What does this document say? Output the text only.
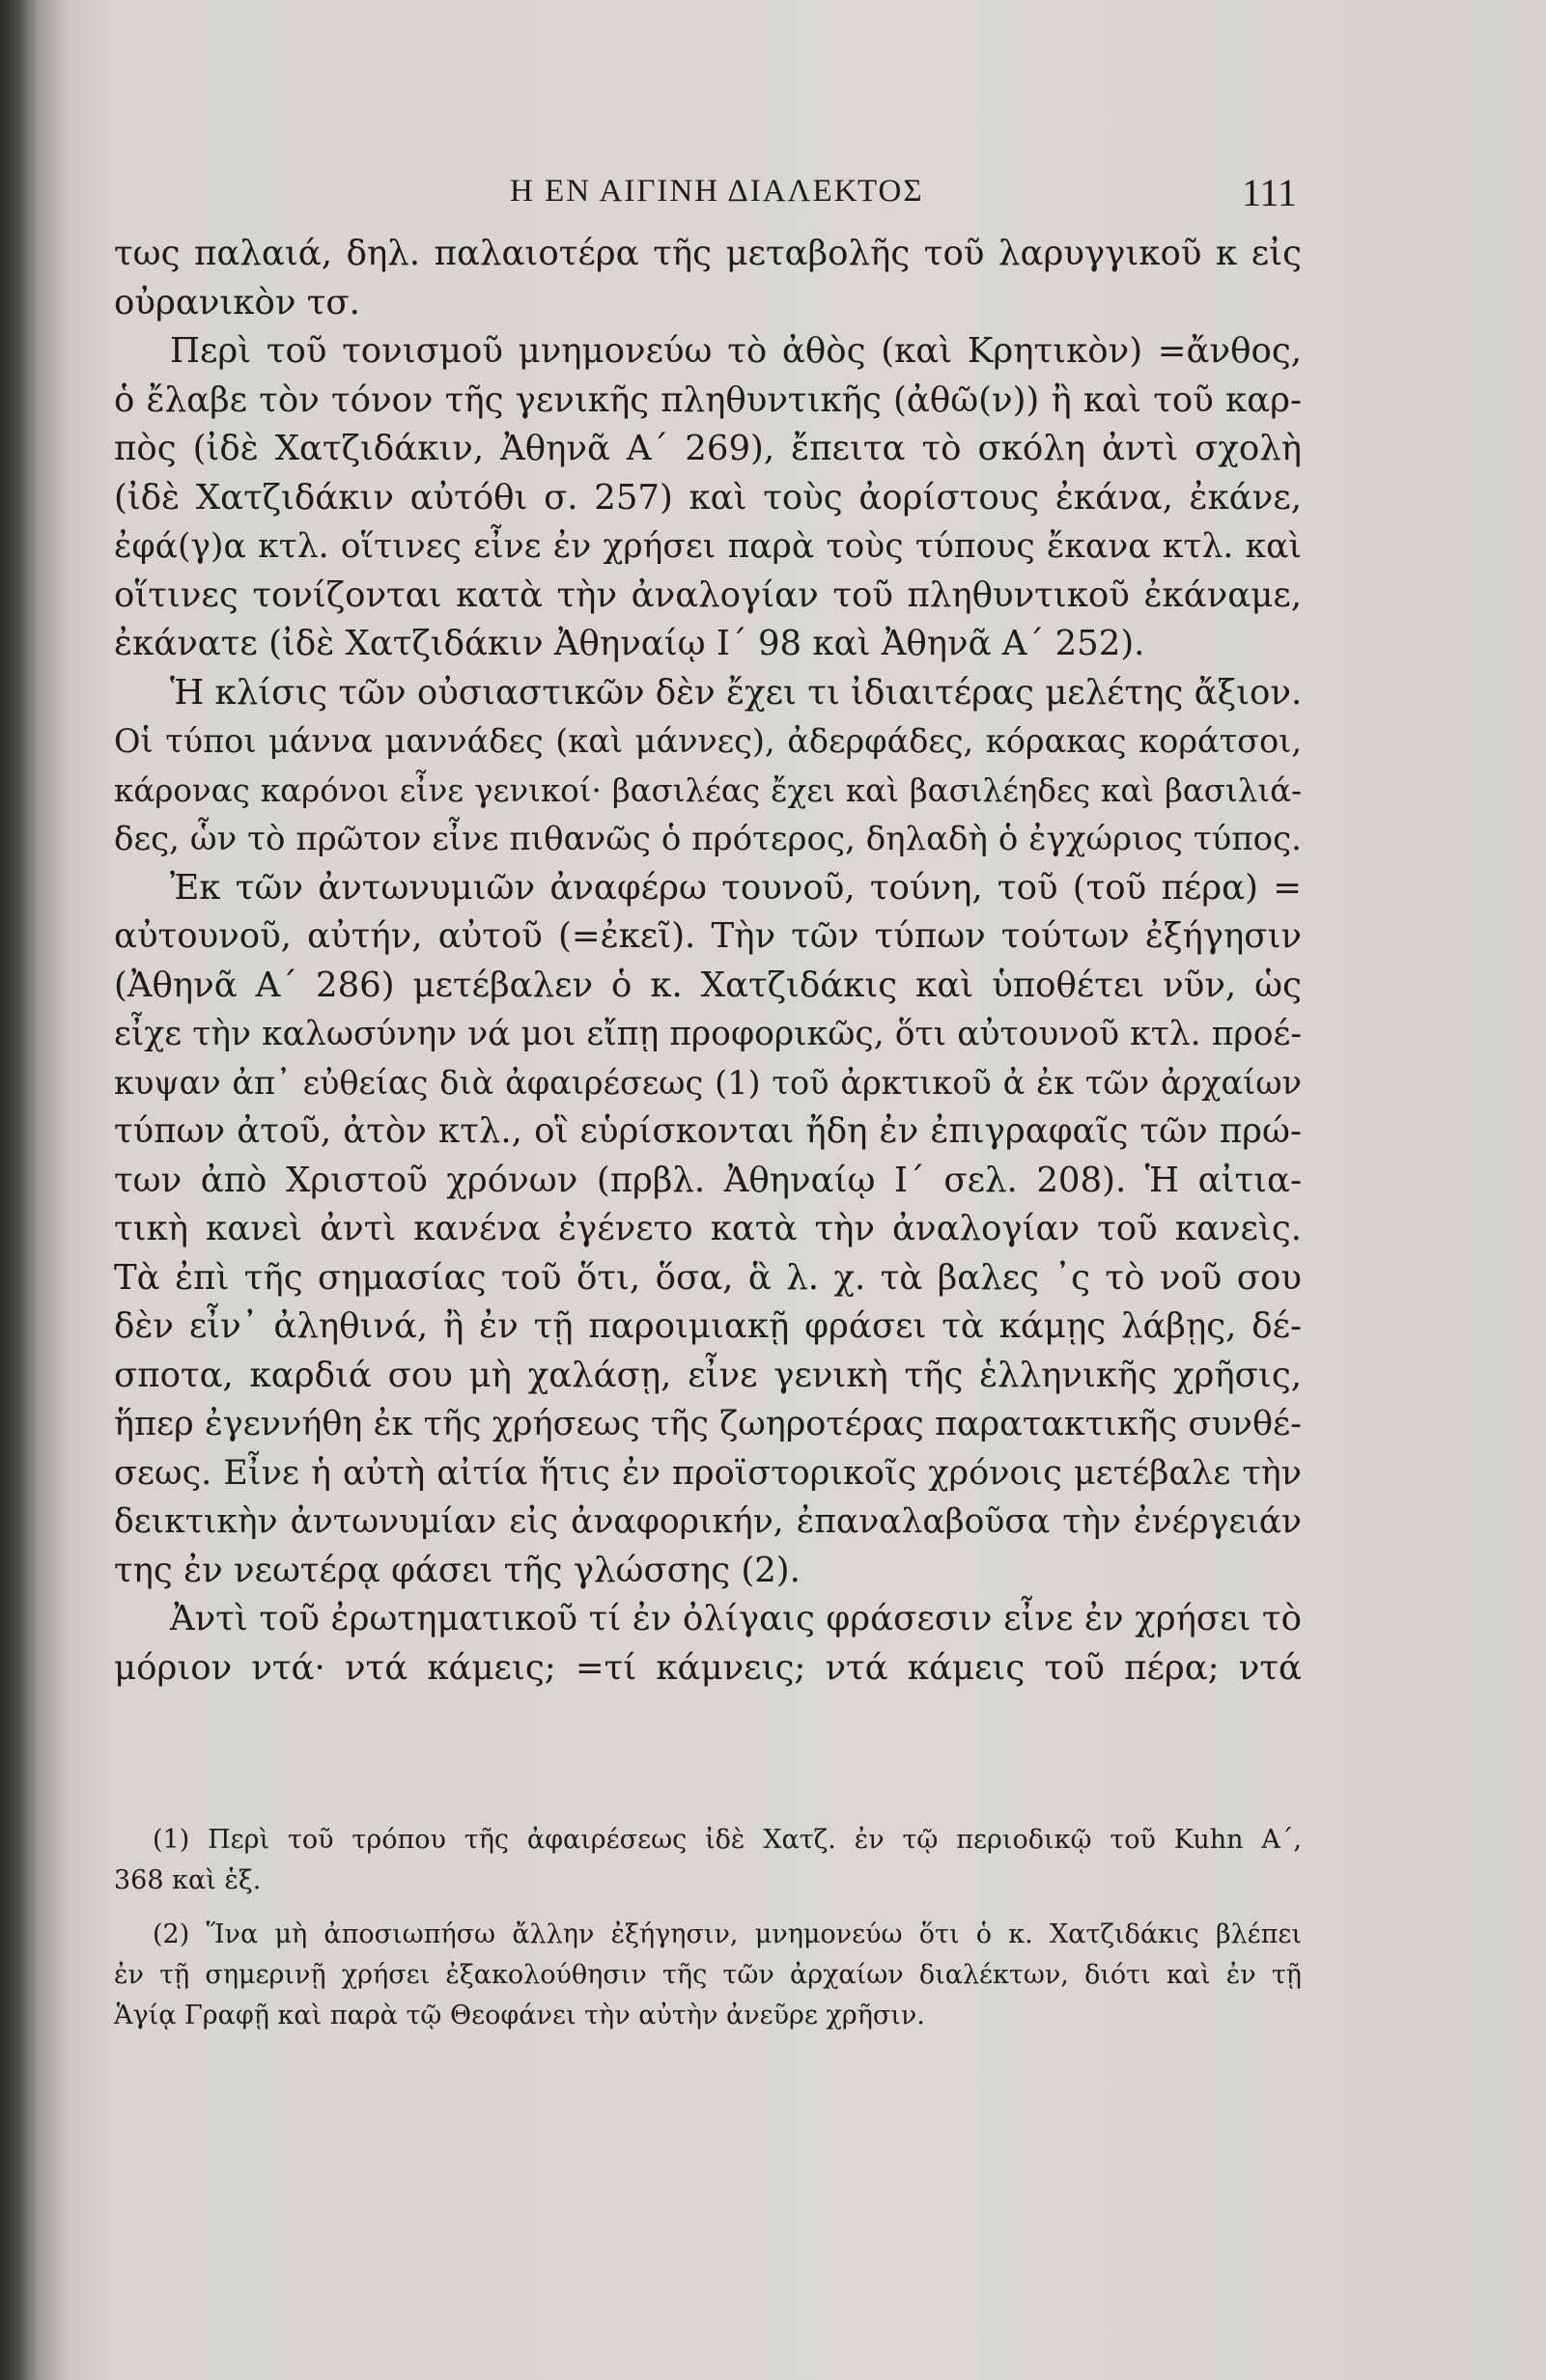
Η ΕΝ ΑΙΓΙΝΗ ΔΙΑΛΕΚΤΟΣ	111
τως παλαιά, δηλ. παλαιοτέρα τῆς μεταβολῆς τοῦ λαρυγγικοῦ κ εἰς
οὐρανικὸν τσ.
Περὶ τοῦ τονισμοῦ μνημονεύω τὸ ἀθὸς (καὶ Κρητικὸν) =ἄνθος,
ὁ ἔλαβε τὸν τόνον τῆς γενικῆς πληθυντικῆς (ἀθῶ(ν)) ἢ καὶ τοῦ καρ-
πὸς (ἰδὲ Χατζιδάκιν, Ἀθηνᾶ Α΄ 269), ἔπειτα τὸ σκόλη ἀντὶ σχολὴ
(ἰδὲ Χατζιδάκιν αὐτόθι σ. 257) καὶ τοὺς ἀορίστους ἐκάνα, ἐκάνε,
ἐφά(γ)α κτλ. οἵτινες εἶνε ἐν χρήσει παρὰ τοὺς τύπους ἔκανα κτλ. καὶ
οἵτινες τονίζονται κατὰ τὴν ἀναλογίαν τοῦ πληθυντικοῦ ἐκάναμε,
ἐκάνατε (ἰδὲ Χατζιδάκιν Ἀθηναίῳ Ι΄ 98 καὶ Ἀθηνᾶ Α΄ 252).
Ἡ κλίσις τῶν οὐσιαστικῶν δὲν ἔχει τι ἰδιαιτέρας μελέτης ἄξιον.
Οἱ τύποι μάννα μαννάδες (καὶ μάννες), ἀδερφάδες, κόρακας κοράτσοι,
κάρονας καρόνοι εἶνε γενικοί· βασιλέας ἔχει καὶ βασιλέηδες καὶ βασιλιά-
δες, ὧν τὸ πρῶτον εἶνε πιθανῶς ὁ πρότερος, δηλαδὴ ὁ ἐγχώριος τύπος.
Ἐκ τῶν ἀντωνυμιῶν ἀναφέρω τουνοῦ, τούνη, τοῦ (τοῦ πέρα) =
αὐτουνοῦ, αὐτήν, αὐτοῦ (=ἐκεῖ). Τὴν τῶν τύπων τούτων ἐξήγησιν
(Ἀθηνᾶ Α΄ 286) μετέβαλεν ὁ κ. Χατζιδάκις καὶ ὑποθέτει νῦν, ὡς
εἶχε τὴν καλωσύνην νά μοι εἴπῃ προφορικῶς, ὅτι αὐτουνοῦ κτλ. προέ-
κυψαν ἀπ᾽ εὐθείας διὰ ἀφαιρέσεως (1) τοῦ ἀρκτικοῦ ἀ ἐκ τῶν ἀρχαίων
τύπων ἀτοῦ, ἀτὸν κτλ., οἳ εὑρίσκονται ἤδη ἐν ἐπιγραφαῖς τῶν πρώ-
των ἀπὸ Χριστοῦ χρόνων (πρβλ. Ἀθηναίῳ Ι΄ σελ. 208). Ἡ αἰτια-
τικὴ κανεὶ ἀντὶ κανένα ἐγένετο κατὰ τὴν ἀναλογίαν τοῦ κανεὶς.
Τὰ ἐπὶ τῆς σημασίας τοῦ ὅτι, ὅσα, ἃ λ. χ. τὰ βαλες ᾽ς τὸ νοῦ σου
δὲν εἶν᾽ ἀληθινά, ἢ ἐν τῇ παροιμιακῇ φράσει τὰ κάμῃς λάβῃς, δέ-
σποτα, καρδιά σου μὴ χαλάσῃ, εἶνε γενικὴ τῆς ἑλληνικῆς χρῆσις,
ἥπερ ἐγεννήθη ἐκ τῆς χρήσεως τῆς ζωηροτέρας παρατακτικῆς συνθέ-
σεως. Εἶνε ἡ αὐτὴ αἰτία ἥτις ἐν προϊστορικοῖς χρόνοις μετέβαλε τὴν
δεικτικὴν ἀντωνυμίαν εἰς ἀναφορικήν, ἐπαναλαβοῦσα τὴν ἐνέργειάν
της ἐν νεωτέρᾳ φάσει τῆς γλώσσης (2).
Ἀντὶ τοῦ ἐρωτηματικοῦ τί ἐν ὀλίγαις φράσεσιν εἶνε ἐν χρήσει τὸ
μόριον ντά· ντά κάμεις; =τί κάμνεις; ντά κάμεις τοῦ πέρα; ντά
(1) Περὶ τοῦ τρόπου τῆς ἀφαιρέσεως ἰδὲ Χατζ. ἐν τῷ περιοδικῷ τοῦ Kuhn Α΄,
368 καὶ ἑξ.
(2) Ἵνα μὴ ἀποσιωπήσω ἄλλην ἐξήγησιν, μνημονεύω ὅτι ὁ κ. Χατζιδάκις βλέπει
ἐν τῇ σημερινῇ χρήσει ἐξακολούθησιν τῆς τῶν ἀρχαίων διαλέκτων, διότι καὶ ἐν τῇ
Ἁγίᾳ Γραφῇ καὶ παρὰ τῷ Θεοφάνει τὴν αὐτὴν ἀνεῦρε χρῆσιν.
